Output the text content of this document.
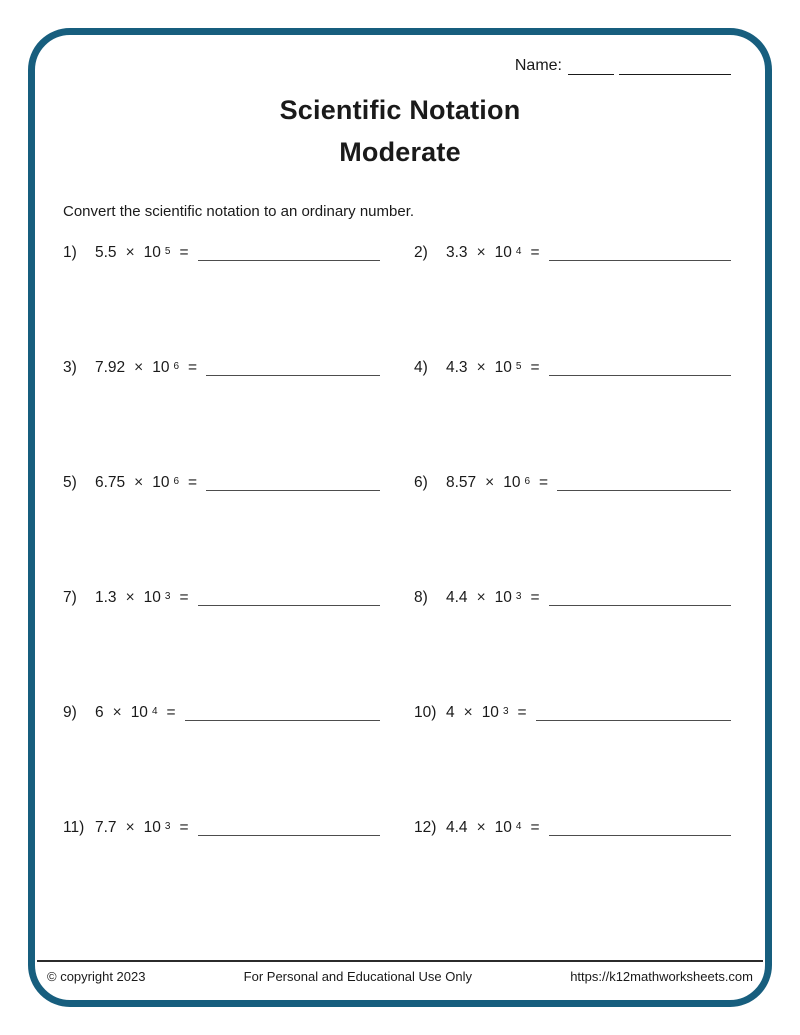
Name:
Scientific Notation
Moderate
Convert the scientific notation to an ordinary number.
1)	5.5 × 10 $^5$ =	2)	3.3 × 10 $^4$ =
3)	7.92 × 10 $^6$ =	4)	4.3 × 10 $^5$ =
5)	6.75 × 10 $^6$ =	6)	8.57 × 10 $^6$ =
7)	1.3 × 10 $^3$ =	8)	4.4 × 10 $^3$ =
9)	6 × 10 $^4$ =	10) 4 × 10 $^3$ =
11) 7.7 × 10 $^3$ =	12) 4.4 × 10 $^4$ =
© copyright 2023	For Personal and Educational Use Only	https://k12mathworksheets.com
